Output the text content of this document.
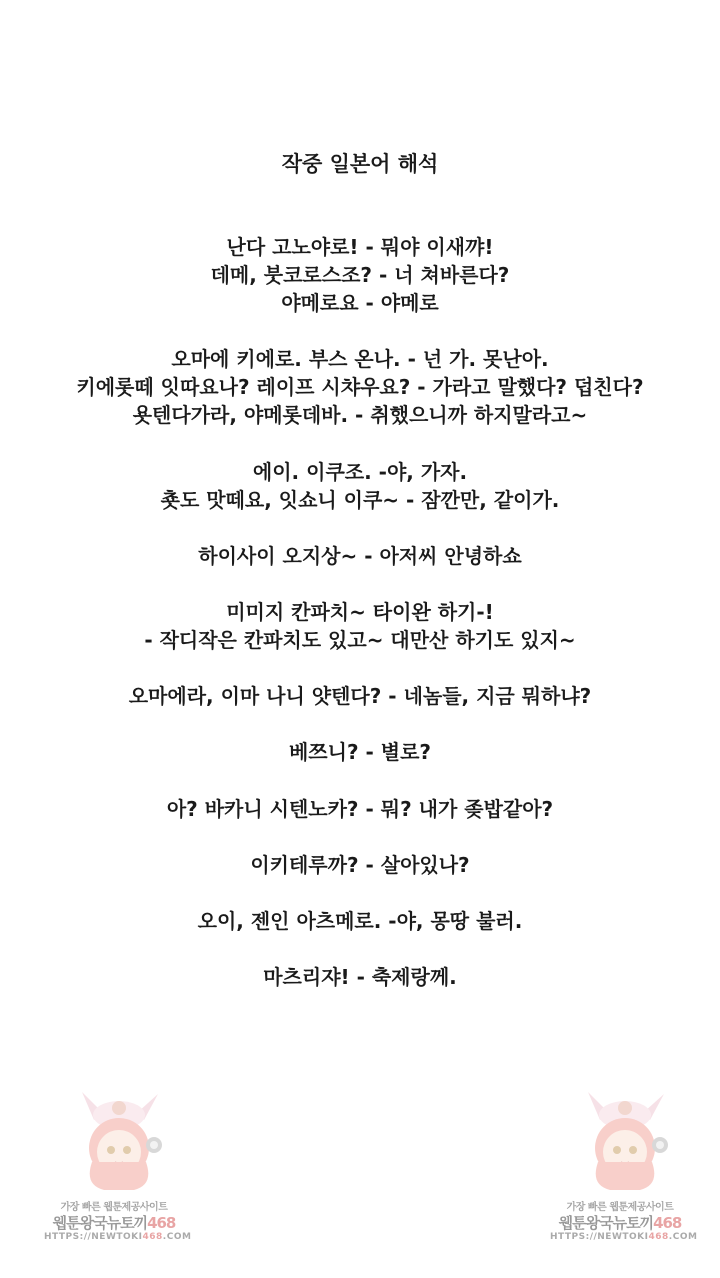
작중 일본어 해석
난다 고노야로! - 뭐야 이새꺄!
데메, 붓코로스조? - 너 쳐바른다?
야메로요 - 야메로
오마에 키에로. 부스 온나. - 넌 가. 못난아.
키에롯떼 잇따요나? 레이프 시챠우요? - 가라고 말했다? 덥친다?
욧텐다가라, 야메롯데바. - 취했으니까 하지말라고~
에이. 이쿠조. -야, 가자.
춋도 맛떼요, 잇쇼니 이쿠~ - 잠깐만, 같이가.
하이사이 오지상~ - 아저씨 안녕하쇼
미미지 칸파치~ 타이완 하기-!
- 작디작은 칸파치도 있고~ 대만산 하기도 있지~
오마에라, 이마 나니 얏텐다? - 네놈들, 지금 뭐하냐?
베쯔니? - 별로?
아? 바카니 시텐노카? - 뭐? 내가 좆밥같아?
이키테루까? - 살아있나?
오이, 젠인 아츠메로. -야, 몽땅 불러.
마츠리쟈! - 축제랑께.
가장 빠른 웹툰제공사이트
웹툰왕국뉴토끼468
HTTPS://NEWTOKI468.COM
가장 빠른 웹툰제공사이트
웹툰왕국뉴토끼468
HTTPS://NEWTOKI468.COM
